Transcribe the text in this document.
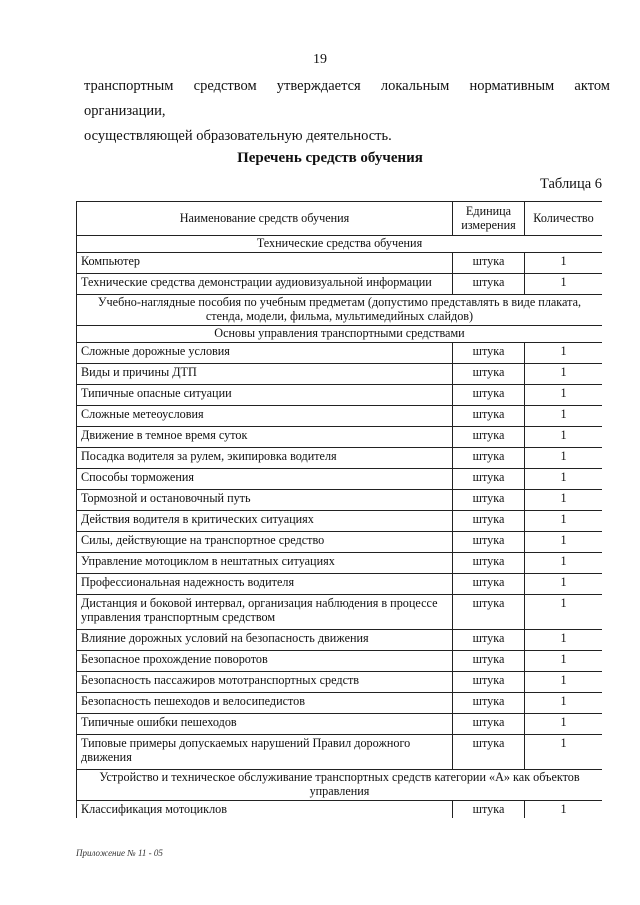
19

транспортным средством утверждается локальным нормативным актом организации,

осуществляющей образовательную деятельность.

Перечень средств обучения
Таблица 6
Наименование средств обучения	Единица измерения	Количество
Технические средства обучения		
Компьютер	штука	1
Технические средства демонстрации аудиовизуальной информации	штука	1
Учебно-наглядные пособия по учебным предметам (допустимо представлять в виде плаката, стенда, модели, фильма, мультимедийных слайдов)		
Основы управления транспортными средствами		
Сложные дорожные условия	штука	1
Виды и причины ДТП	штука	1
Типичные опасные ситуации	штука	1
Сложные метеоусловия	штука	1
Движение в темное время суток	штука	1
Посадка водителя за рулем, экипировка водителя	штука	1
Способы торможения	штука	1
Тормозной и остановочный путь	штука	1
Действия водителя в критических ситуациях	штука	1
Силы, действующие на транспортное средство	штука	1
Управление мотоциклом в нештатных ситуациях	штука	1
Профессиональная надежность водителя	штука	1
Дистанция и боковой интервал, организация наблюдения в процессе управления транспортным средством	штука	1
Влияние дорожных условий на безопасность движения	штука	1
Безопасное прохождение поворотов	штука	1
Безопасность пассажиров мототранспортных средств	штука	1
Безопасность пешеходов и велосипедистов	штука	1
Типичные ошибки пешеходов	штука	1
Типовые примеры допускаемых нарушений Правил дорожного движения	штука	1
Устройство и техническое обслуживание транспортных средств категории «А» как объектов управления		
Классификация мотоциклов	штука	1
Приложение № 11 - 05
